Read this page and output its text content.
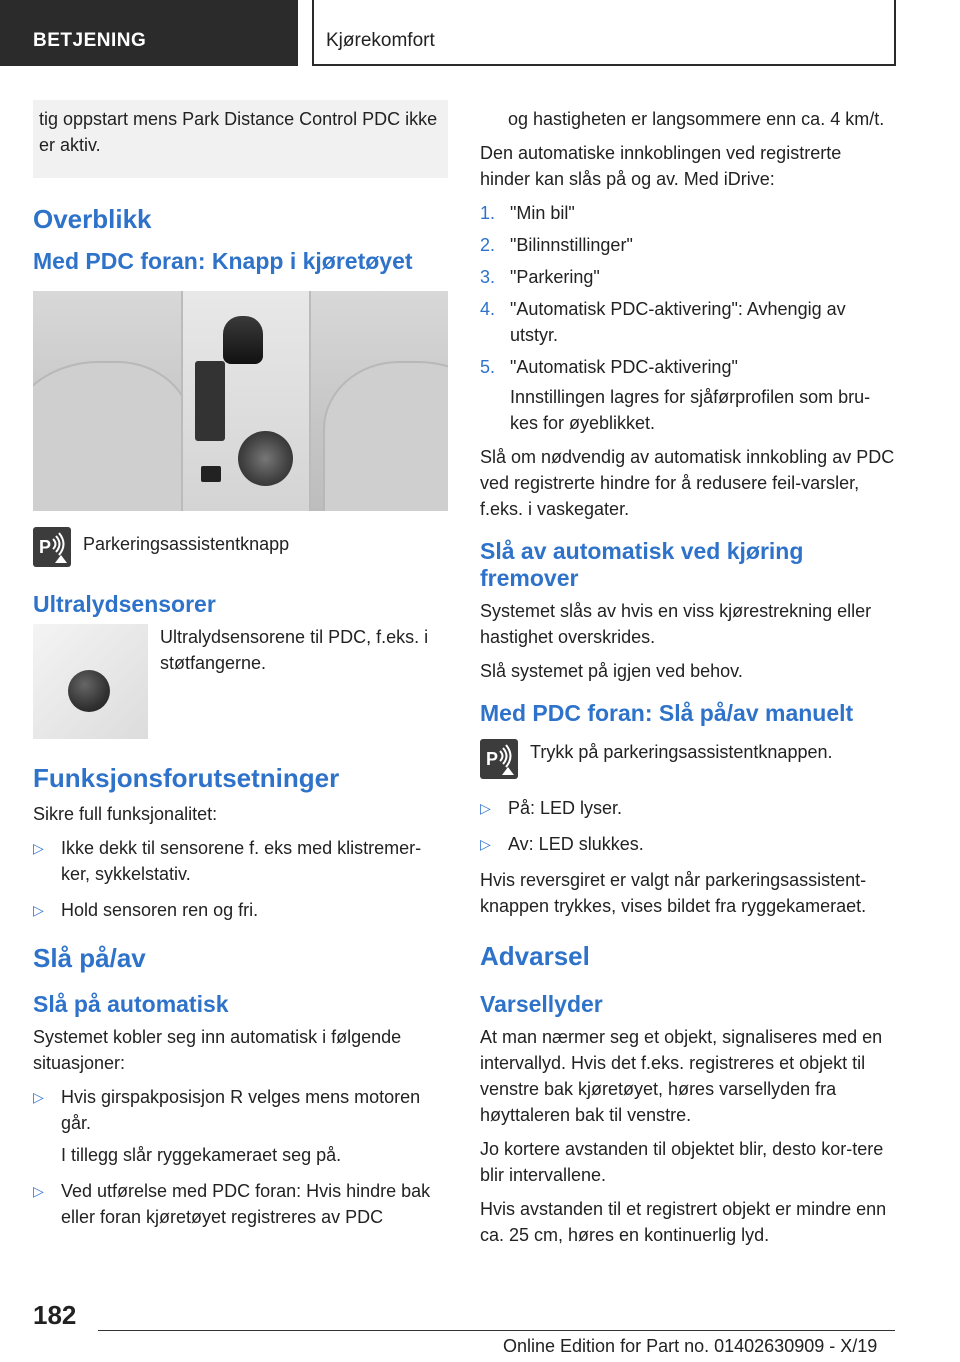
BETJENING	Kjørekomfort
tig oppstart mens Park Distance Control PDC ikke er aktiv.
Overblikk
Med PDC foran: Knapp i kjøretøyet
P Parkeringsassistentknapp

Ultralydsensorer

Ultralydsensorene til PDC, f.eks. i støtfangerne.

Funksjonsforutsetninger

Sikre full funksjonalitet:

▷ Ikke dekk til sensorene f. eks med klistremer-ker, sykkelstativ.
▷ Hold sensoren ren og fri.
Slå på/av
Slå på automatisk

Systemet kobler seg inn automatisk i følgende situasjoner:

▷ Hvis girspakposisjon R velges mens motoren går.

I tillegg slår ryggekameraet seg på.

▷ Ved utførelse med PDC foran: Hvis hindre bak eller foran kjøretøyet registreres av PDC

og hastigheten er langsommere enn ca. 4 km/t.

Den automatiske innkoblingen ved registrerte hinder kan slås på og av. Med iDrive:

1. "Min bil"
2. "Bilinnstillinger"
3. "Parkering"
4. "Automatisk PDC-aktivering": Avhengig av utstyr.
5. "Automatisk PDC-aktivering"

Innstillingen lagres for sjåførprofilen som bru-kes for øyeblikket.

Slå om nødvendig av automatisk innkobling av PDC ved registrerte hindre for å redusere feil-varsler, f.eks. i vaskegater.

Slå av automatisk ved kjøring fremover

Systemet slås av hvis en viss kjørestrekning eller hastighet overskrides.

Slå systemet på igjen ved behov.

Med PDC foran: Slå på/av manuelt
P Trykk på parkeringsassistentknappen.

▷ På: LED lyser.
▷ Av: LED slukkes.

Hvis reversgiret er valgt når parkeringsassistent-knappen trykkes, vises bildet fra ryggekameraet.

Advarsel
Varsellyder

At man nærmer seg et objekt, signaliseres med en intervallyd. Hvis det f.eks. registreres et objekt til venstre bak kjøretøyet, høres varsellyden fra høyttaleren bak til venstre.

Jo kortere avstanden til objektet blir, desto kor-tere blir intervallene.

Hvis avstanden til et registrert objekt er mindre enn ca. 25 cm, høres en kontinuerlig lyd.

182
Online Edition for Part no. 01402630909 - X/19
